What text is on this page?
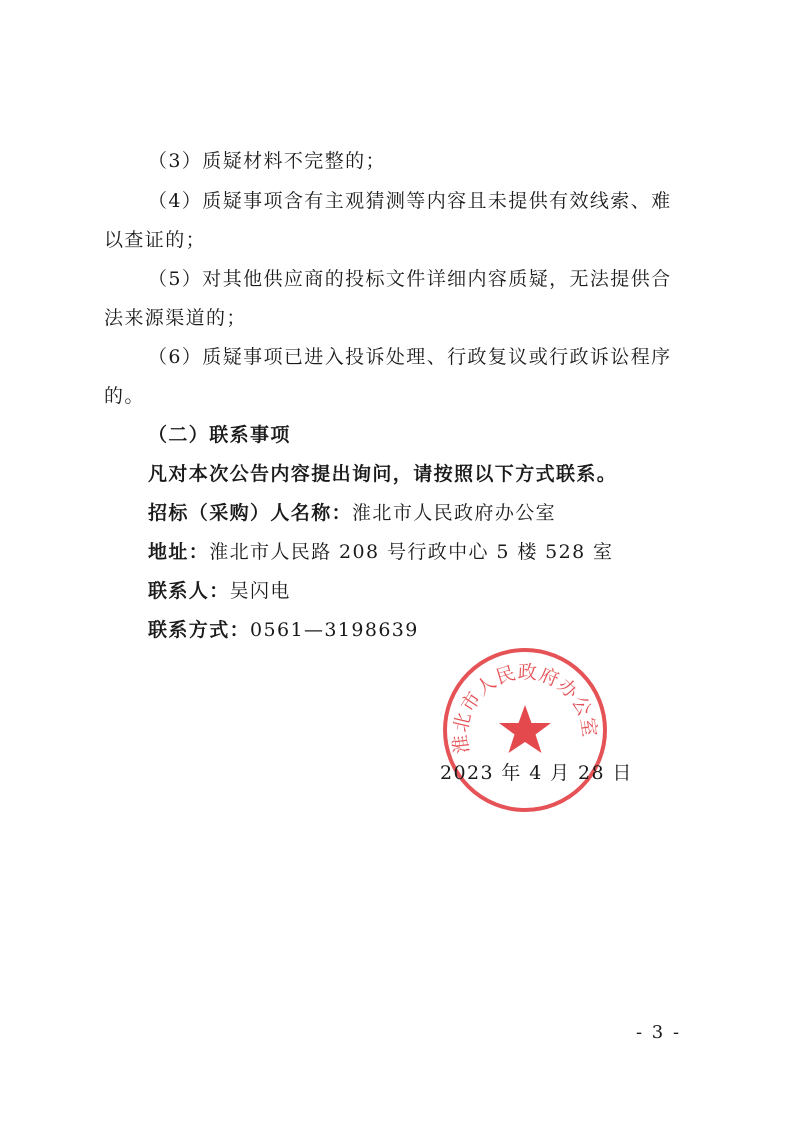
（3）质疑材料不完整的；
（4）质疑事项含有主观猜测等内容且未提供有效线索、难
以查证的；
（5）对其他供应商的投标文件详细内容质疑，无法提供合
法来源渠道的；
（6）质疑事项已进入投诉处理、行政复议或行政诉讼程序
的。
（二）联系事项
凡对本次公告内容提出询问，请按照以下方式联系。
招标（采购）人名称：淮北市人民政府办公室
地址：淮北市人民路 208 号行政中心 5 楼 528 室
联系人：吴闪电
联系方式：0561—3198639
淮北市人民政府办公室
2023 年 4 月 28 日
- 3 -
